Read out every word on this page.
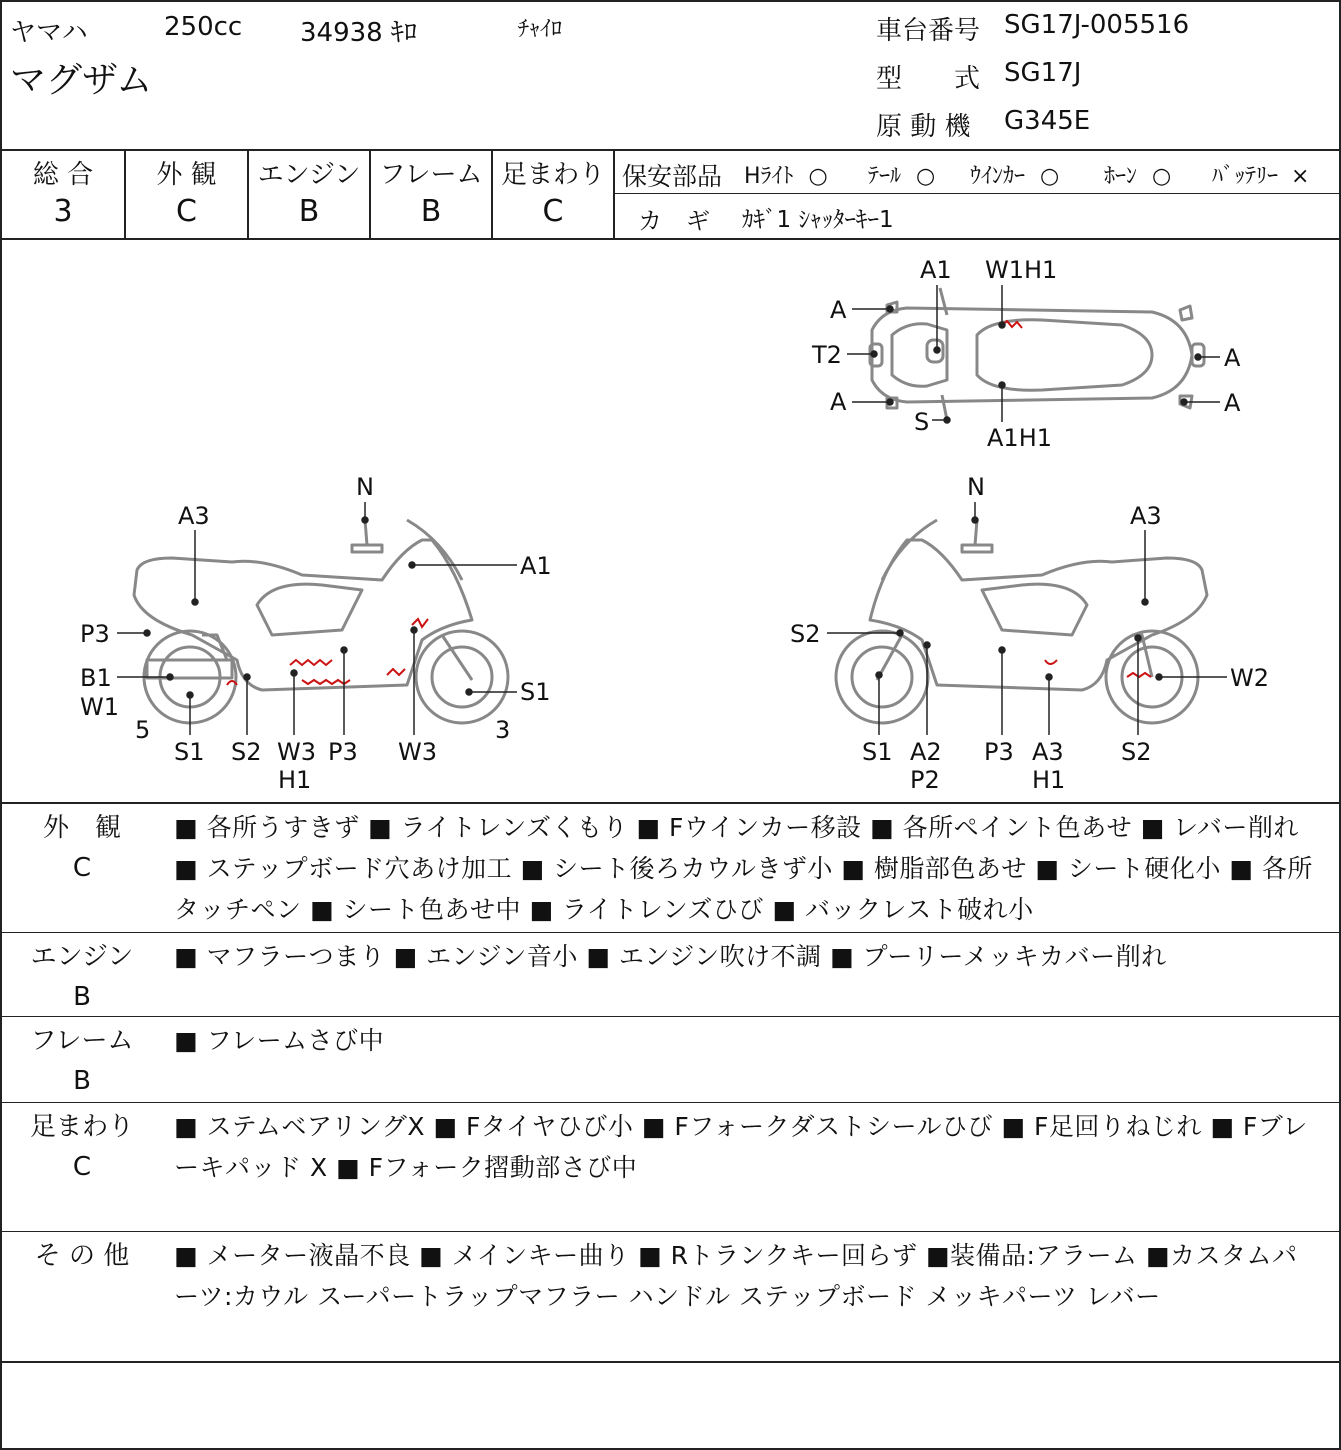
ヤマハ	250cc 34938 ｷﾛ	ﾁｬｲﾛ
マグザム
車台番号 SG17J-005516
型　　式 SG17J
原 動 機 G345E
総 合
3
外 観
C
エンジン
B
フレーム
B
足まわり
C
保安部品 Hﾗｲﾄ ○ ﾃｰﾙ ○ ｳｲﾝｶｰ ○ ﾎｰﾝ ○ ﾊﾞｯﾃﾘｰ ×
カ　ギ ｶｷﾞ1 ｼｬｯﾀｰｷｰ1
A1 W1H1
A
T2
A
S
A1H1
A
A
N
A3
A1
P3
B1
W1
5
S1 S2 W3
H1
P3 W3
3
S1
N
A3
S2
W2
S1 A2
P2
P3 A3
H1
S2
外　観
C
■ 各所うすきず ■ ライトレンズくもり ■ Fウインカー移設 ■ 各所ペイント色あせ ■ レバー削れ ■ ステップボード穴あけ加工 ■ シート後ろカウルきず小 ■ 樹脂部色あせ ■ シート硬化小 ■ 各所タッチペン ■ シート色あせ中 ■ ライトレンズひび ■ バックレスト破れ小
エンジン
B
■ マフラーつまり ■ エンジン音小 ■ エンジン吹け不調 ■ プーリーメッキカバー削れ
フレーム
B
■ フレームさび中
足まわり
C
■ ステムベアリングX ■ Fタイヤひび小 ■ Fフォークダストシールひび ■ F足回りねじれ ■ Fブレーキパッド X ■ Fフォーク摺動部さび中
そ の 他	■ メーター液晶不良 ■ メインキー曲り ■ Rトランクキー回らず ■装備品:アラーム ■カスタムパーツ:カウル スーパートラップマフラー ハンドル ステップボード メッキパーツ レバー
